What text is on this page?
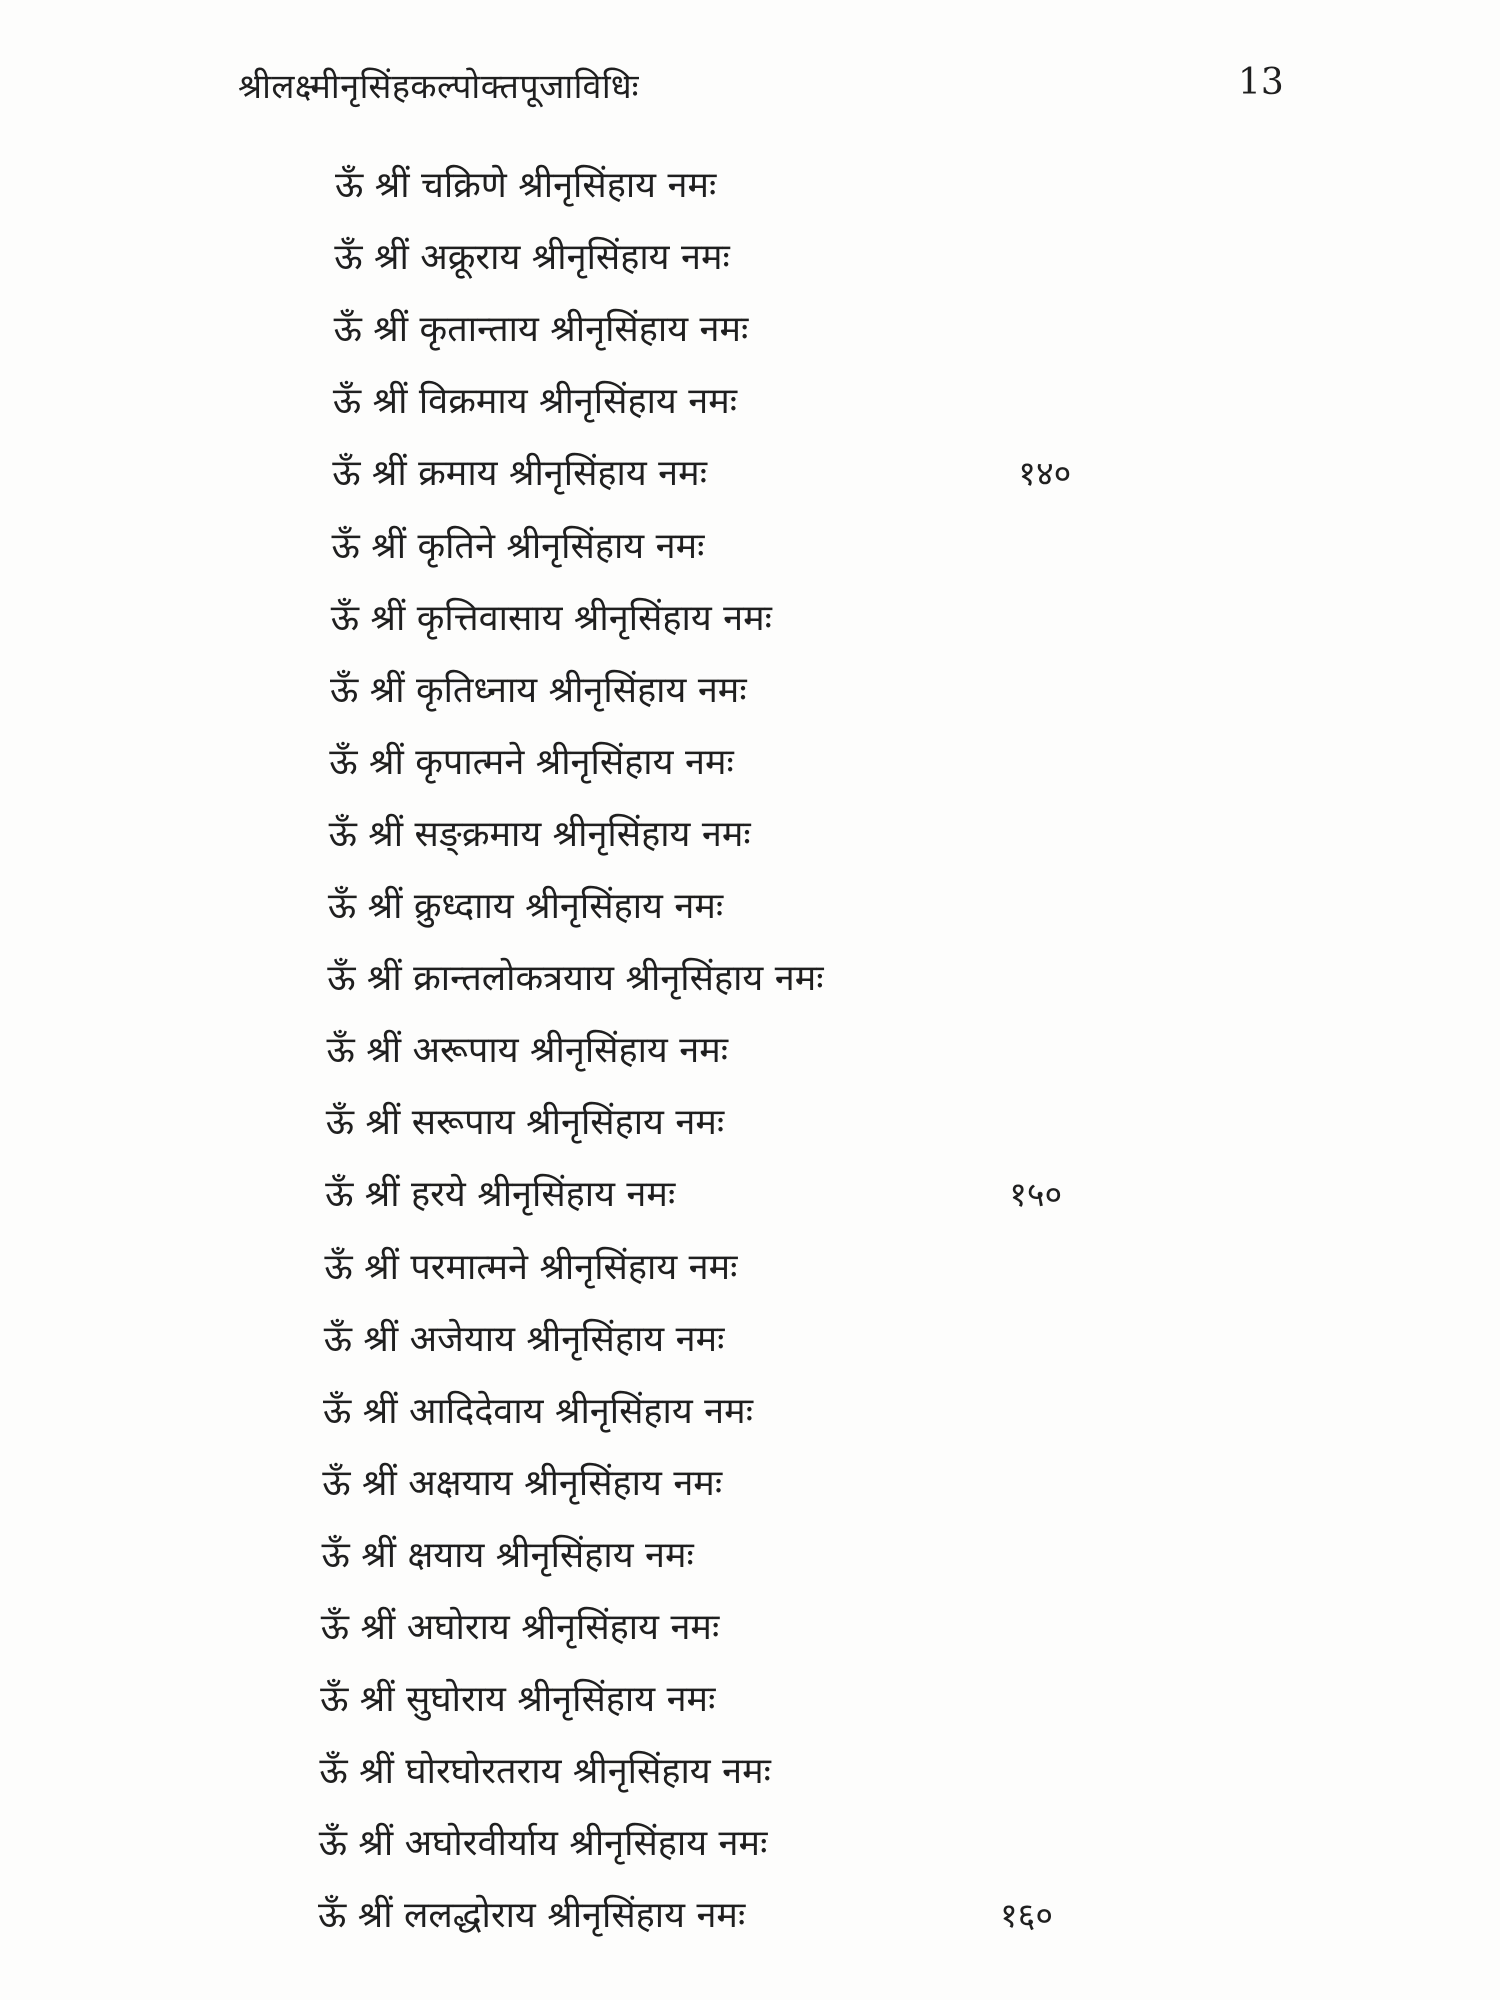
श्रीलक्ष्मीनृसिंहकल्पोक्तपूजाविधिः	13
ऊँ श्रीं चक्रिणे श्रीनृसिंहाय नमः
ऊँ श्रीं अक्रूराय श्रीनृसिंहाय नमः
ऊँ श्रीं कृतान्ताय श्रीनृसिंहाय नमः
ऊँ श्रीं विक्रमाय श्रीनृसिंहाय नमः
ऊँ श्रीं क्रमाय श्रीनृसिंहाय नमः	१४०
ऊँ श्रीं कृतिने श्रीनृसिंहाय नमः
ऊँ श्रीं कृत्तिवासाय श्रीनृसिंहाय नमः
ऊँ श्रीं कृतिध्नाय श्रीनृसिंहाय नमः
ऊँ श्रीं कृपात्मने श्रीनृसिंहाय नमः
ऊँ श्रीं सङ्क्रमाय श्रीनृसिंहाय नमः
ऊँ श्रीं क्रुध्दााय श्रीनृसिंहाय नमः
ऊँ श्रीं क्रान्तलोकत्रयाय श्रीनृसिंहाय नमः
ऊँ श्रीं अरूपाय श्रीनृसिंहाय नमः
ऊँ श्रीं सरूपाय श्रीनृसिंहाय नमः
ऊँ श्रीं हरये श्रीनृसिंहाय नमः	१५०
ऊँ श्रीं परमात्मने श्रीनृसिंहाय नमः
ऊँ श्रीं अजेयाय श्रीनृसिंहाय नमः
ऊँ श्रीं आदिदेवाय श्रीनृसिंहाय नमः
ऊँ श्रीं अक्षयाय श्रीनृसिंहाय नमः
ऊँ श्रीं क्षयाय श्रीनृसिंहाय नमः
ऊँ श्रीं अघोराय श्रीनृसिंहाय नमः
ऊँ श्रीं सुघोराय श्रीनृसिंहाय नमः
ऊँ श्रीं घोरघोरतराय श्रीनृसिंहाय नमः
ऊँ श्रीं अघोरवीर्याय श्रीनृसिंहाय नमः
ऊँ श्रीं ललद्धोराय श्रीनृसिंहाय नमः	१६०
